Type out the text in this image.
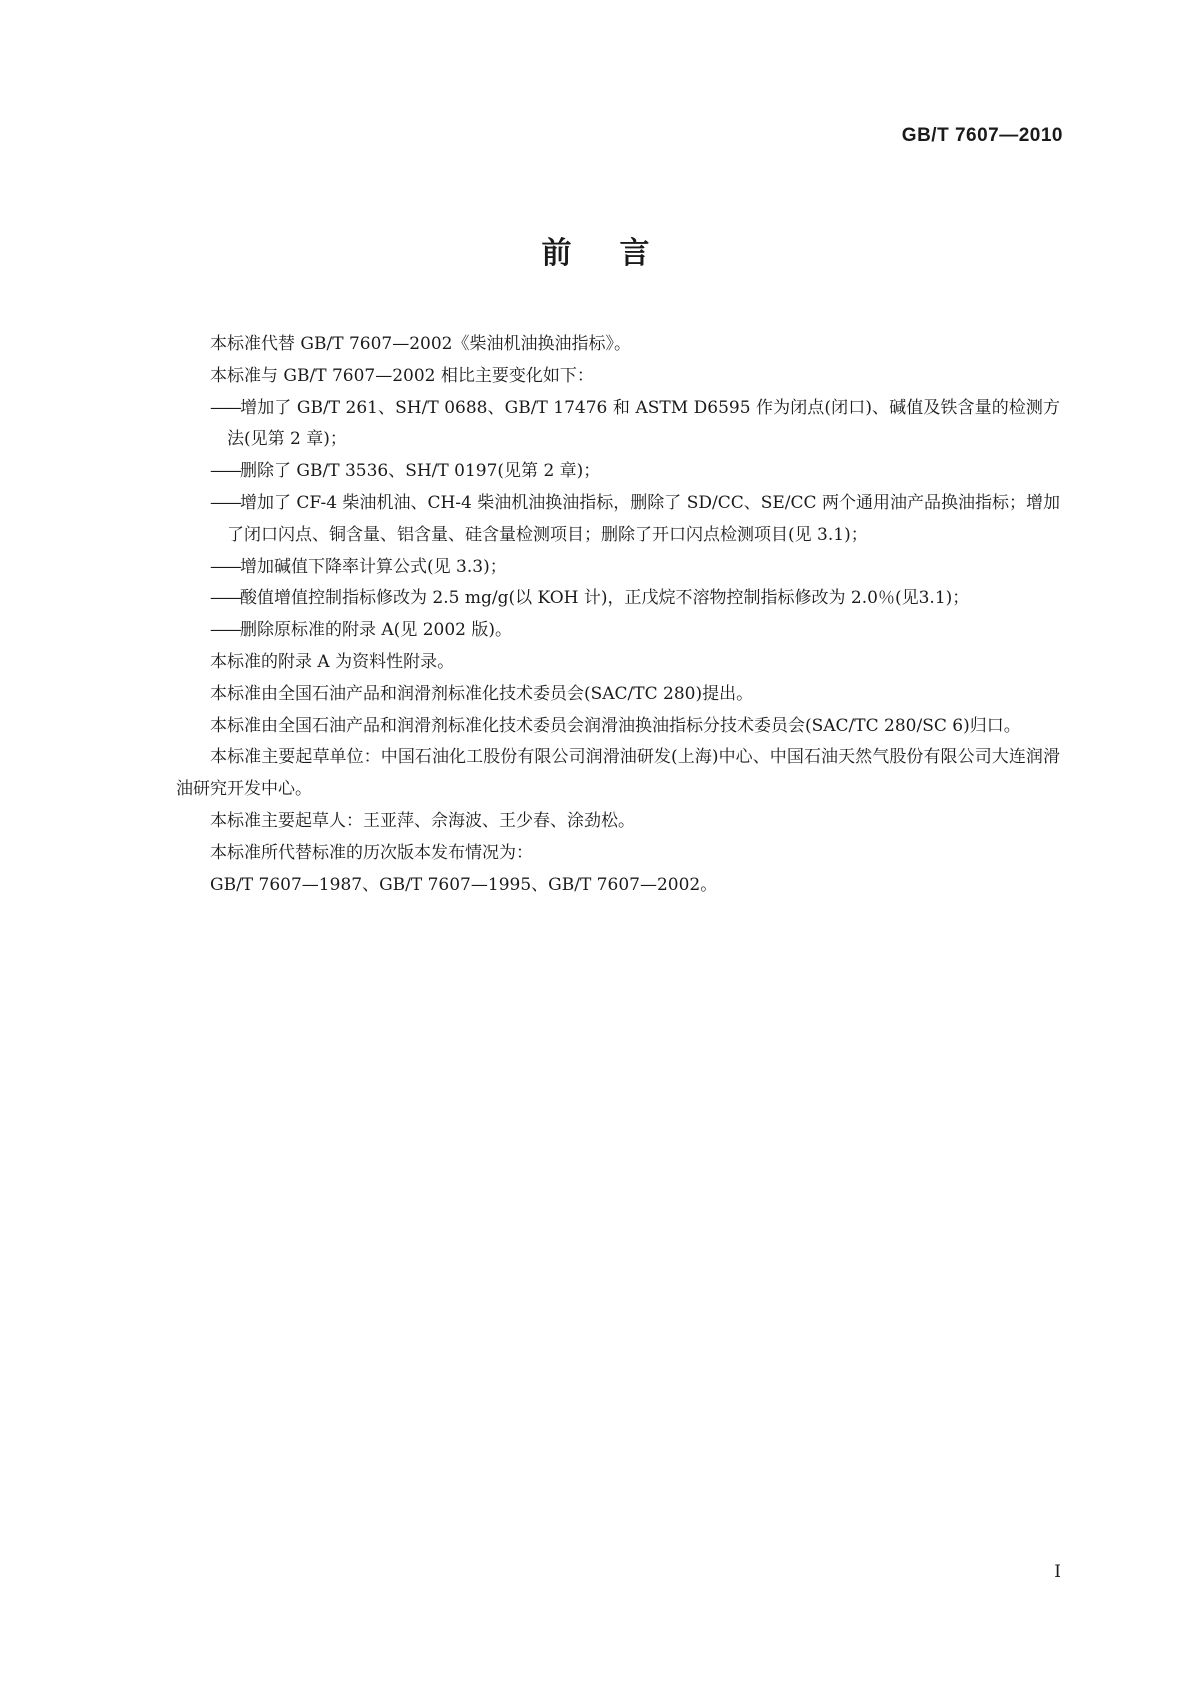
GB/T 7607—2010
前言

本标准代替 GB/T 7607—2002《柴油机油换油指标》。

本标准与 GB/T 7607—2002 相比主要变化如下：

——增加了 GB/T 261、SH/T 0688、GB/T 17476 和 ASTM D6595 作为闭点(闭口)、碱值及铁含量的检测方法(见第 2 章)；

——删除了 GB/T 3536、SH/T 0197(见第 2 章)；

——增加了 CF-4 柴油机油、CH-4 柴油机油换油指标，删除了 SD/CC、SE/CC 两个通用油产品换油指标；增加了闭口闪点、铜含量、铝含量、硅含量检测项目；删除了开口闪点检测项目(见 3.1)；

——增加碱值下降率计算公式(见 3.3)；

——酸值增值控制指标修改为 2.5 mg/g(以 KOH 计)，正戊烷不溶物控制指标修改为 2.0％(见3.1)；

——删除原标准的附录 A(见 2002 版)。

本标准的附录 A 为资料性附录。

本标准由全国石油产品和润滑剂标准化技术委员会(SAC/TC 280)提出。

本标准由全国石油产品和润滑剂标准化技术委员会润滑油换油指标分技术委员会(SAC/TC 280/SC 6)归口。

本标准主要起草单位：中国石油化工股份有限公司润滑油研发(上海)中心、中国石油天然气股份有限公司大连润滑油研究开发中心。

本标准主要起草人：王亚萍、佘海波、王少春、涂劲松。

本标准所代替标准的历次版本发布情况为：

GB/T 7607—1987、GB/T 7607—1995、GB/T 7607—2002。

I
